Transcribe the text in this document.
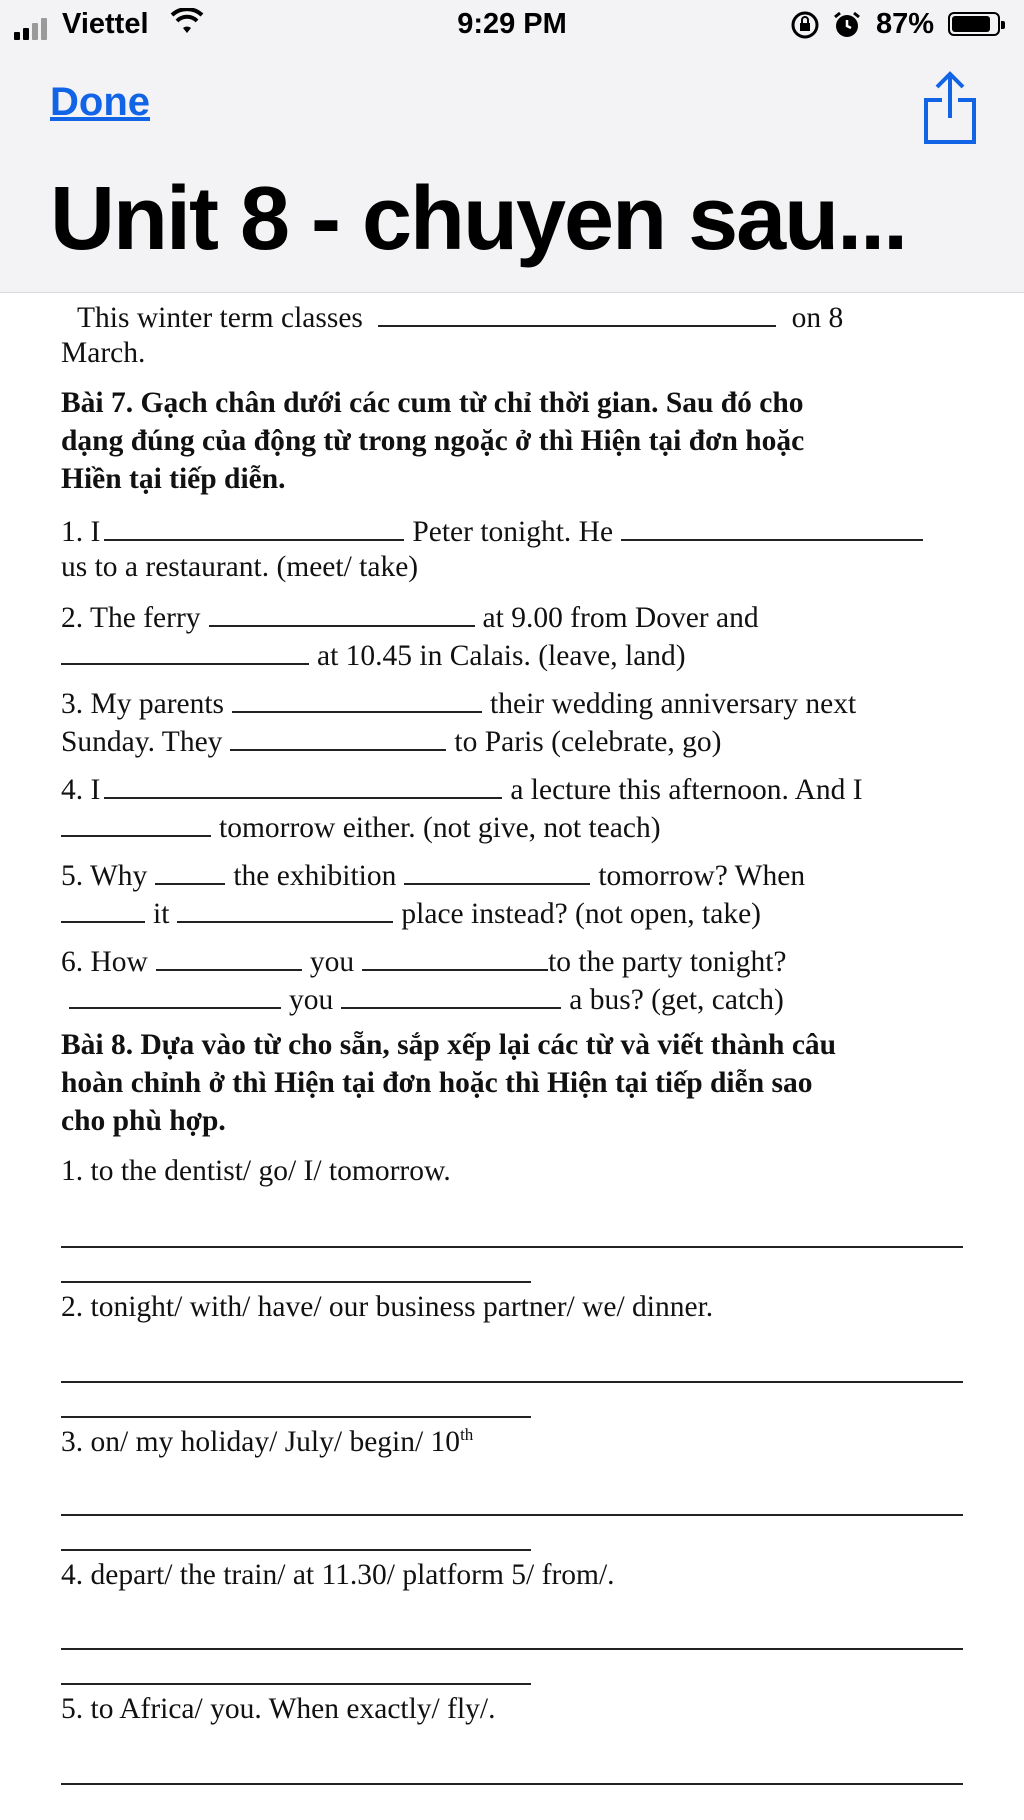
Viettel	9:29 PM	87%
Done
Unit 8 - chuyen sau...
This winter term classes	on 8
March.
Bài 7. Gạch chân dưới các cum từ chỉ thời gian. Sau đó cho
dạng đúng của động từ trong ngoặc ở thì Hiện tại đơn hoặc
Hiền tại tiếp diễn.
1. I	Peter tonight. He
us to a restaurant. (meet/ take)
2. The ferry	at 9.00 from Dover and
at 10.45 in Calais. (leave, land)
3. My parents	their wedding anniversary next
Sunday. They	to Paris (celebrate, go)
4. I	a lecture this afternoon. And I
tomorrow either. (not give, not teach)
5. Why	the exhibition	tomorrow? When
it	place instead? (not open, take)
6. How	you	to the party tonight?
you	a bus? (get, catch)
Bài 8. Dựa vào từ cho sẵn, sắp xếp lại các từ và viết thành câu
hoàn chỉnh ở thì Hiện tại đơn hoặc thì Hiện tại tiếp diễn sao
cho phù hợp.
1. to the dentist/ go/ I/ tomorrow.
2. tonight/ with/ have/ our business partner/ we/ dinner.
3. on/ my holiday/ July/ begin/ 10th
4. depart/ the train/ at 11.30/ platform 5/ from/.
5. to Africa/ you. When exactly/ fly/.
